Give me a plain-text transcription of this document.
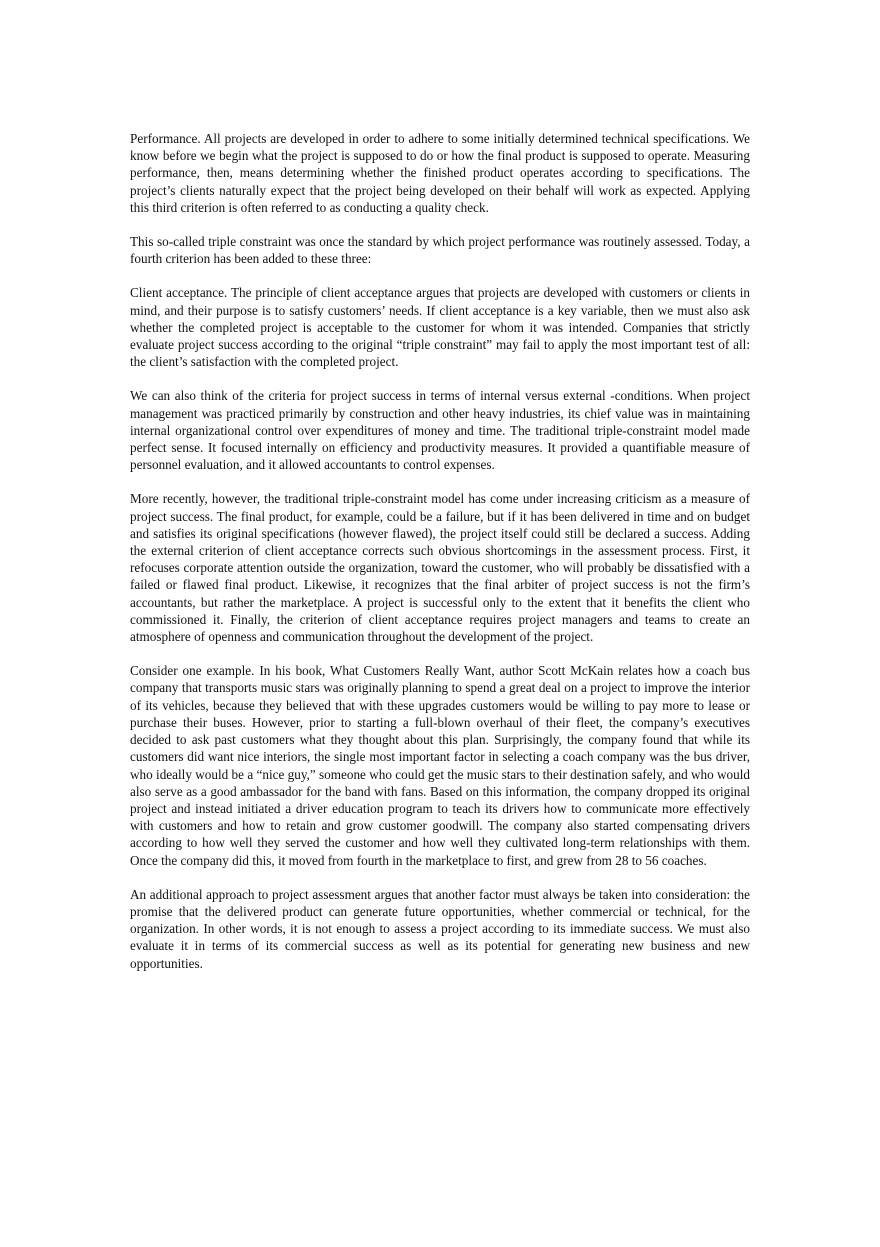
Performance. All projects are developed in order to adhere to some initially determined technical specifications. We know before we begin what the project is supposed to do or how the final product is supposed to operate. Measuring performance, then, means determining whether the finished product operates according to specifications. The project’s clients naturally expect that the project being developed on their behalf will work as expected. Applying this third criterion is often referred to as conducting a quality check.

This so-called triple constraint was once the standard by which project performance was routinely assessed. Today, a fourth criterion has been added to these three:

Client acceptance. The principle of client acceptance argues that projects are developed with customers or clients in mind, and their purpose is to satisfy customers’ needs. If client acceptance is a key variable, then we must also ask whether the completed project is acceptable to the customer for whom it was intended. Companies that strictly evaluate project success according to the original “triple constraint” may fail to apply the most important test of all: the client’s satisfaction with the completed project.

We can also think of the criteria for project success in terms of internal versus external -conditions. When project management was practiced primarily by construction and other heavy industries, its chief value was in maintaining internal organizational control over expenditures of money and time. The traditional triple-constraint model made perfect sense. It focused internally on efficiency and productivity measures. It provided a quantifiable measure of personnel evaluation, and it allowed accountants to control expenses.

More recently, however, the traditional triple-constraint model has come under increasing criticism as a measure of project success. The final product, for example, could be a failure, but if it has been delivered in time and on budget and satisfies its original specifications (however flawed), the project itself could still be declared a success. Adding the external criterion of client acceptance corrects such obvious shortcomings in the assessment process. First, it refocuses corporate attention outside the organization, toward the customer, who will probably be dissatisfied with a failed or flawed final product. Likewise, it recognizes that the final arbiter of project success is not the firm’s accountants, but rather the marketplace. A project is successful only to the extent that it benefits the client who commissioned it. Finally, the criterion of client acceptance requires project managers and teams to create an atmosphere of openness and communication throughout the development of the project.

Consider one example. In his book, What Customers Really Want, author Scott McKain relates how a coach bus company that transports music stars was originally planning to spend a great deal on a project to improve the interior of its vehicles, because they believed that with these upgrades customers would be willing to pay more to lease or purchase their buses. However, prior to starting a full-blown overhaul of their fleet, the company’s executives decided to ask past customers what they thought about this plan. Surprisingly, the company found that while its customers did want nice interiors, the single most important factor in selecting a coach company was the bus driver, who ideally would be a “nice guy,” someone who could get the music stars to their destination safely, and who would also serve as a good ambassador for the band with fans. Based on this information, the company dropped its original project and instead initiated a driver education program to teach its drivers how to communicate more effectively with customers and how to retain and grow customer goodwill. The company also started compensating drivers according to how well they served the customer and how well they cultivated long-term relationships with them. Once the company did this, it moved from fourth in the marketplace to first, and grew from 28 to 56 coaches.

An additional approach to project assessment argues that another factor must always be taken into consideration: the promise that the delivered product can generate future opportunities, whether commercial or technical, for the organization. In other words, it is not enough to assess a project according to its immediate success. We must also evaluate it in terms of its commercial success as well as its potential for generating new business and new opportunities.
